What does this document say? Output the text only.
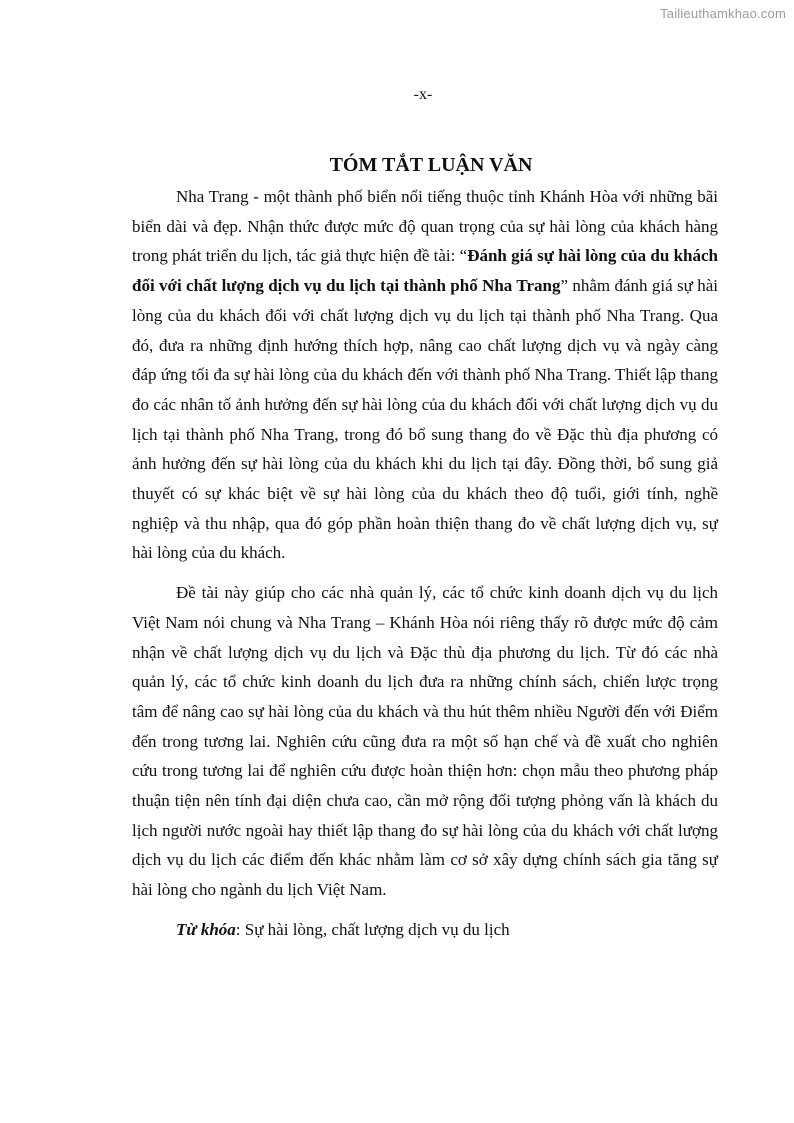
Tailieuthamkhao.com
-x-
TÓM TẮT LUẬN VĂN

Nha Trang - một thành phố biển nổi tiếng thuộc tỉnh Khánh Hòa với những bãi biển dài và đẹp. Nhận thức được mức độ quan trọng của sự hài lòng của khách hàng trong phát triển du lịch, tác giả thực hiện đề tài: “Đánh giá sự hài lòng của du khách đối với chất lượng dịch vụ du lịch tại thành phố Nha Trang” nhằm đánh giá sự hài lòng của du khách đối với chất lượng dịch vụ du lịch tại thành phố Nha Trang. Qua đó, đưa ra những định hướng thích hợp, nâng cao chất lượng dịch vụ và ngày càng đáp ứng tối đa sự hài lòng của du khách đến với thành phố Nha Trang. Thiết lập thang đo các nhân tố ảnh hưởng đến sự hài lòng của du khách đối với chất lượng dịch vụ du lịch tại thành phố Nha Trang, trong đó bổ sung thang đo về Đặc thù địa phương có ảnh hưởng đến sự hài lòng của du khách khi du lịch tại đây. Đồng thời, bổ sung giả thuyết có sự khác biệt về sự hài lòng của du khách theo độ tuổi, giới tính, nghề nghiệp và thu nhập, qua đó góp phần hoàn thiện thang đo về chất lượng dịch vụ, sự hài lòng của du khách.

Đề tài này giúp cho các nhà quản lý, các tổ chức kinh doanh dịch vụ du lịch Việt Nam nói chung và Nha Trang – Khánh Hòa nói riêng thấy rõ được mức độ cảm nhận về chất lượng dịch vụ du lịch và Đặc thù địa phương du lịch. Từ đó các nhà quản lý, các tổ chức kinh doanh du lịch đưa ra những chính sách, chiến lược trọng tâm để nâng cao sự hài lòng của du khách và thu hút thêm nhiều Người đến với Điểm đến trong tương lai. Nghiên cứu cũng đưa ra một số hạn chế và đề xuất cho nghiên cứu trong tương lai để nghiên cứu được hoàn thiện hơn: chọn mẫu theo phương pháp thuận tiện nên tính đại diện chưa cao, cần mở rộng đối tượng phỏng vấn là khách du lịch người nước ngoài hay thiết lập thang đo sự hài lòng của du khách với chất lượng dịch vụ du lịch các điểm đến khác nhằm làm cơ sở xây dựng chính sách gia tăng sự hài lòng cho ngành du lịch Việt Nam.

Từ khóa: Sự hài lòng, chất lượng dịch vụ du lịch
